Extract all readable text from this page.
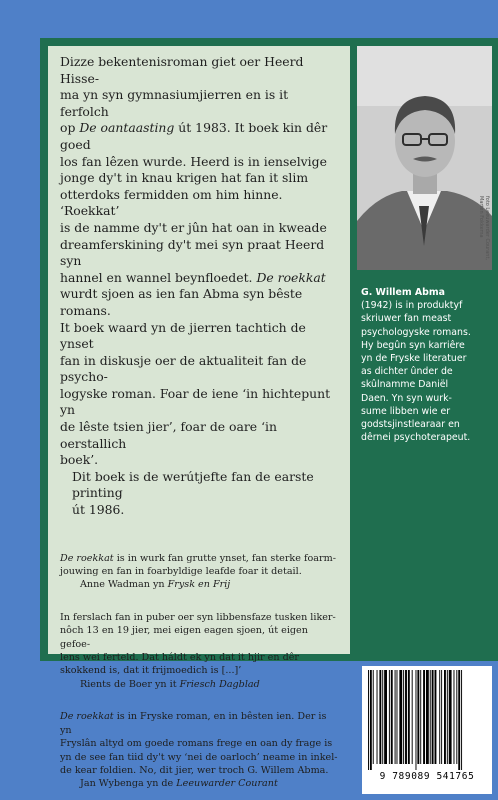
Dizze bekentenisroman giet oer Heerd Hisse-
ma yn syn gymnasiumjierren en is it ferfolch
op De oantaasting út 1983. It boek kin dêr goed
los fan lêzen wurde. Heerd is in ienselvige
jonge dy't in knau krigen hat fan it slim
otterdoks fermidden om him hinne. ‘Roekkat’
is de namme dy't er jûn hat oan in kweade
dreamferskining dy't mei syn praat Heerd syn
hannel en wannel beynfloedet. De roekkat
wurdt sjoen as ien fan Abma syn bêste romans.
It boek waard yn de jierren tachtich de ynset
fan in diskusje oer de aktualiteit fan de psycho-
logyske roman. Foar de iene ‘in hichtepunt yn
de lêste tsien jier’, foar de oare ‘in oerstallich
boek’.
Dit boek is de werútjefte fan de earste printing
út 1986.
De roekkat is in wurk fan grutte ynset, fan sterke foarm-
jouwing en fan in foarbyldige leafde foar it detail.
Anne Wadman yn Frysk en Frij
In ferslach fan in puber oer syn libbensfaze tusken liker-
nôch 13 en 19 jier, mei eigen eagen sjoen, út eigen gefoe-
lens wei ferteld. Dat háldt ek yn dat it hjir en dêr
skokkend is, dat it frijmoedich is [...]’
Rients de Boer yn it Friesch Dagblad
De roekkat is in Fryske roman, en in bêsten ien. Der is yn
Fryslân altyd om goede romans frege en oan dy frage is
yn de see fan tiid dy't wy ‘nei de oarloch’ neame in inkel-
de kear foldien. No, dit jier, wer troch G. Willem Abma.
Jan Wybenga yn de Leeuwarder Courant
foto Leeuwarder Courant, Marten Fokkema
G. Willem Abma
(1942) is in produktyf
skriuwer fan meast
psychologyske romans.
Hy begûn syn karriêre
yn de Fryske literatuer
as dichter ûnder de
skûlnamme Daniël
Daen. Yn syn wurk-
sume libben wie er
godstsjinstlearaar en
dêrnei psychoterapeut.
9 789089 541765
